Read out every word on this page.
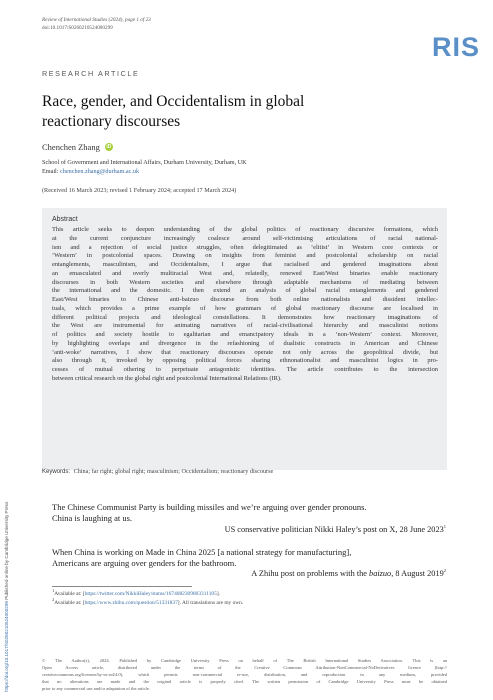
Review of International Studies (2024), page 1 of 23
doi:10.1017/S0260210524000299
RIS
RESEARCH ARTICLE
Race, gender, and Occidentalism in global reactionary discourses
Chenchen Zhang	iD
School of Government and International Affairs, Durham University, Durham, UK
Email: chenchen.zhang@durham.ac.uk
(Received 16 March 2023; revised 1 February 2024; accepted 17 March 2024)
Abstract

This article seeks to deepen understanding of the global politics of reactionary discursive formations, which

at the current conjuncture increasingly coalesce around self-victimising articulations of racial national-

ism and a rejection of social justice struggles, often delegitimated as ‘elitist’ in Western core contexts or

‘Western’ in postcolonial spaces. Drawing on insights from feminist and postcolonial scholarship on racial

entanglements, masculinism, and Occidentalism, I argue that racialised and gendered imaginations about

an emasculated and overly multiracial West and, relatedly, renewed East/West binaries enable reactionary

discourses in both Western societies and elsewhere through adaptable mechanisms of mediating between

the international and the domestic. I then extend an analysis of global racial entanglements and gendered

East/West binaries to Chinese anti-baizuo discourse from both online nationalists and dissident intellec-

tuals, which provides a prime example of how grammars of global reactionary discourse are localised in

different political projects and ideological constellations. It demonstrates how reactionary imaginations of

the West are instrumental for animating narratives of racial-civilisational hierarchy and masculinist notions

of politics and society hostile to egalitarian and emancipatory ideals in a ‘non-Western’ context. Moreover,

by highlighting overlaps and divergence in the refashioning of dualistic constructs in American and Chinese

‘anti-woke’ narratives, I show that reactionary discourses operate not only across the geopolitical divide, but

also through it, invoked by opposing political forces sharing ethnonationalist and masculinist logics in pro-

cesses of mutual othering to perpetuate antagonistic identities. The article contributes to the intersection

between critical research on the global right and postcolonial International Relations (IR).

Keywords: China; far right; global right; masculinism; Occidentalism; reactionary discourse
The Chinese Communist Party is building missiles and we’re arguing over gender pronouns.
China is laughing at us.
US conservative politician Nikki Haley’s post on X, 28 June 2023$^1$
When China is working on Made in China 2025 [a national strategy for manufacturing],
Americans are arguing over genders for the bathroom.
A Zhihu post on problems with the baizuo, 8 August 2019$^2$
$^1$Available at: [https://twitter.com/NikkiHaley/status/1674082309803311105].
$^2$Available at: [https://www.zhihu.com/question/51331837]. All translations are my own.

© The Author(s), 2024. Published by Cambridge University Press on behalf of The British International Studies Association. This is an

Open Access article, distributed under the terms of the Creative Commons Attribution-NonCommercial-NoDerivatives licence (http://

creativecommons.org/licenses/by-nc-nd/4.0), which permits non-commercial re-use, distribution, and reproduction in any medium, provided

that no alterations are made and the original article is properly cited. The written permission of Cambridge University Press must be obtained

prior to any commercial use and/or adaptation of the article.

https://doi.org/10.1017/S0260210524000299 Published online by Cambridge University Press
